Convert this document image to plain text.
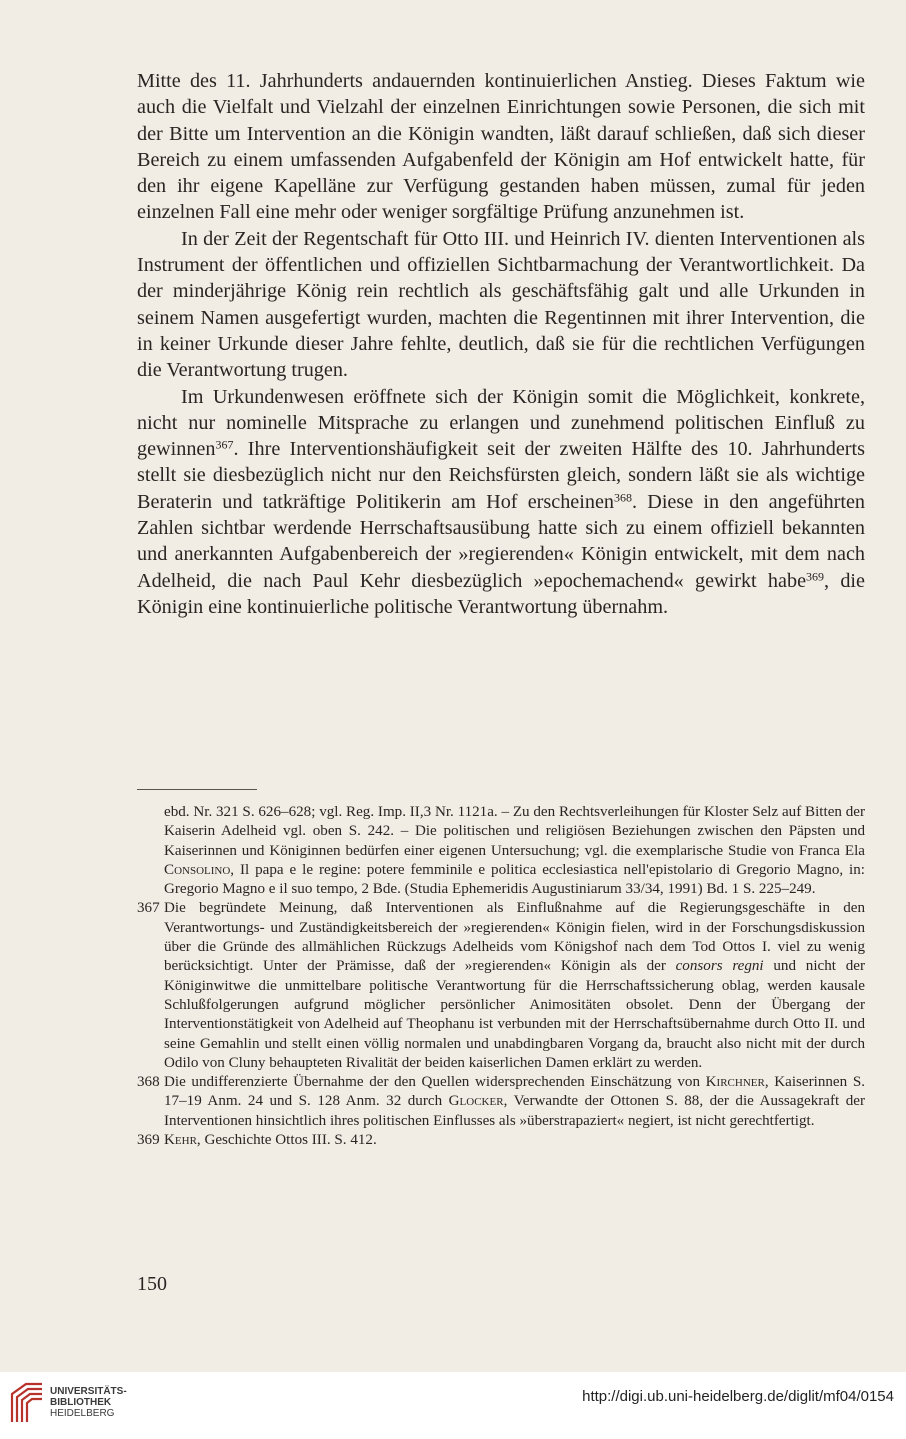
Mitte des 11. Jahrhunderts andauernden kontinuierlichen Anstieg. Dieses Faktum wie auch die Vielfalt und Vielzahl der einzelnen Einrichtungen sowie Personen, die sich mit der Bitte um Intervention an die Königin wandten, läßt darauf schließen, daß sich dieser Bereich zu einem umfassenden Aufgabenfeld der Königin am Hof entwickelt hatte, für den ihr eigene Kapelläne zur Verfügung gestanden haben müssen, zumal für jeden einzelnen Fall eine mehr oder weniger sorgfältige Prüfung anzunehmen ist.

In der Zeit der Regentschaft für Otto III. und Heinrich IV. dienten Interventionen als Instrument der öffentlichen und offiziellen Sichtbarmachung der Verantwortlichkeit. Da der minderjährige König rein rechtlich als geschäftsfähig galt und alle Urkunden in seinem Namen ausgefertigt wurden, machten die Regentinnen mit ihrer Intervention, die in keiner Urkunde dieser Jahre fehlte, deutlich, daß sie für die rechtlichen Verfügungen die Verantwortung trugen.

Im Urkundenwesen eröffnete sich der Königin somit die Möglichkeit, konkrete, nicht nur nominelle Mitsprache zu erlangen und zunehmend politischen Einfluß zu gewinnen$^{367}$. Ihre Interventionshäufigkeit seit der zweiten Hälfte des 10. Jahrhunderts stellt sie diesbezüglich nicht nur den Reichsfürsten gleich, sondern läßt sie als wichtige Beraterin und tatkräftige Politikerin am Hof erscheinen$^{368}$. Diese in den angeführten Zahlen sichtbar werdende Herrschaftsausübung hatte sich zu einem offiziell bekannten und anerkannten Aufgabenbereich der »regierenden« Königin entwickelt, mit dem nach Adelheid, die nach Paul Kehr diesbezüglich »epochemachend« gewirkt habe$^{369}$, die Königin eine kontinuierliche politische Verantwortung übernahm.

ebd. Nr. 321 S. 626–628; vgl. Reg. Imp. II,3 Nr. 1121a. – Zu den Rechtsverleihungen für Kloster Selz auf Bitten der Kaiserin Adelheid vgl. oben S. 242. – Die politischen und religiösen Beziehungen zwischen den Päpsten und Kaiserinnen und Königinnen bedürfen einer eigenen Untersuchung; vgl. die exemplarische Studie von Franca Ela Consolino, Il papa e le regine: potere femminile e politica ecclesiastica nell'epistolario di Gregorio Magno, in: Gregorio Magno e il suo tempo, 2 Bde. (Studia Ephemeridis Augustiniarum 33/34, 1991) Bd. 1 S. 225–249.

367 Die begründete Meinung, daß Interventionen als Einflußnahme auf die Regierungsgeschäfte in den Verantwortungs- und Zuständigkeitsbereich der »regierenden« Königin fielen, wird in der Forschungsdiskussion über die Gründe des allmählichen Rückzugs Adelheids vom Königshof nach dem Tod Ottos I. viel zu wenig berücksichtigt. Unter der Prämisse, daß der »regierenden« Königin als der consors regni und nicht der Königinwitwe die unmittelbare politische Verantwortung für die Herrschaftssicherung oblag, werden kausale Schlußfolgerungen aufgrund möglicher persönlicher Animositäten obsolet. Denn der Übergang der Interventionstätigkeit von Adelheid auf Theophanu ist verbunden mit der Herrschaftsübernahme durch Otto II. und seine Gemahlin und stellt einen völlig normalen und unabdingbaren Vorgang da, braucht also nicht mit der durch Odilo von Cluny behaupteten Rivalität der beiden kaiserlichen Damen erklärt zu werden.

368 Die undifferenzierte Übernahme der den Quellen widersprechenden Einschätzung von Kirchner, Kaiserinnen S. 17–19 Anm. 24 und S. 128 Anm. 32 durch Glocker, Verwandte der Ottonen S. 88, der die Aussagekraft der Interventionen hinsichtlich ihres politischen Einflusses als »überstrapaziert« negiert, ist nicht gerechtfertigt.

369 Kehr, Geschichte Ottos III. S. 412.

150
UNIVERSITÄTS-
BIBLIOTHEK
HEIDELBERG
http://digi.ub.uni-heidelberg.de/diglit/mf04/0154
